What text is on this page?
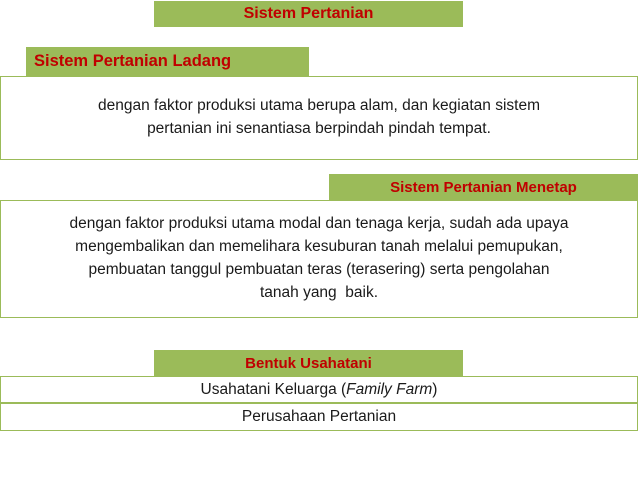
Sistem Pertanian
Sistem Pertanian Ladang
dengan faktor produksi utama berupa alam, dan kegiatan sistem
pertanian ini senantiasa berpindah pindah tempat.
Sistem Pertanian Menetap
dengan faktor produksi utama modal dan tenaga kerja, sudah ada upaya
mengembalikan dan memelihara kesuburan tanah melalui pemupukan,
pembuatan tanggul pembuatan teras (terasering) serta pengolahan
tanah yang  baik.
Bentuk Usahatani
Usahatani Keluarga ( Family Farm )
Perusahaan Pertanian
